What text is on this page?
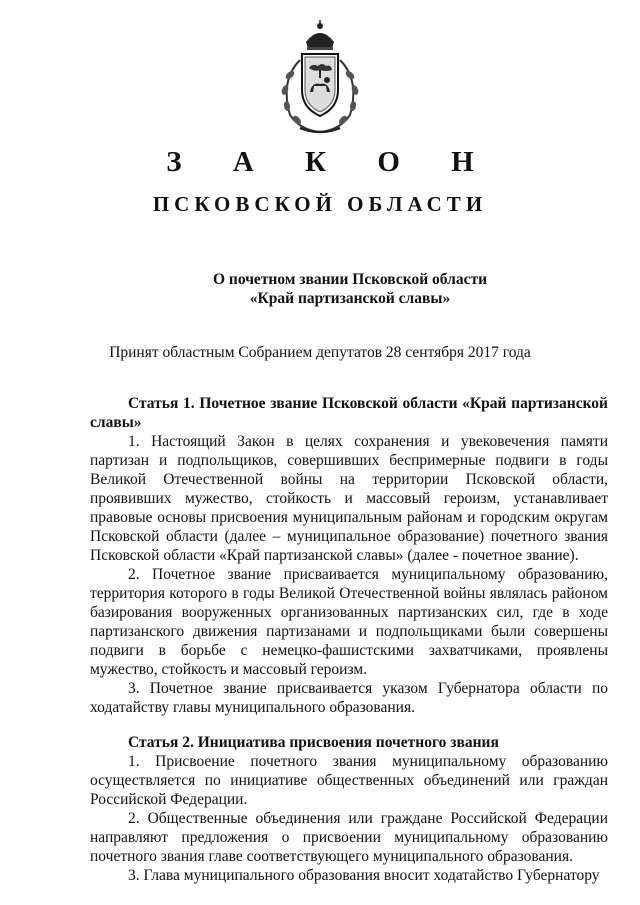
З А К О Н
ПСКОВСКОЙ ОБЛАСТИ
О почетном звании Псковской области
«Край партизанской славы»
Принят областным Собранием депутатов 28 сентября 2017 года

Статья 1. Почетное звание Псковской области «Край партизанской славы»

1. Настоящий Закон в целях сохранения и увековечения памяти партизан и подпольщиков, совершивших беспримерные подвиги в годы Великой Отечественной войны на территории Псковской области, проявивших мужество, стойкость и массовый героизм, устанавливает правовые основы присвоения муниципальным районам и городским округам Псковской области (далее – муниципальное образование) почетного звания Псковской области «Край партизанской славы» (далее - почетное звание).

2. Почетное звание присваивается муниципальному образованию, территория которого в годы Великой Отечественной войны являлась районом базирования вооруженных организованных партизанских сил, где в ходе партизанского движения партизанами и подпольщиками были совершены подвиги в борьбе с немецко-фашистскими захватчиками, проявлены мужество, стойкость и массовый героизм.

3. Почетное звание присваивается указом Губернатора области по ходатайству главы муниципального образования.

Статья 2. Инициатива присвоения почетного звания

1. Присвоение почетного звания муниципальному образованию осуществляется по инициативе общественных объединений или граждан Российской Федерации.

2. Общественные объединения или граждане Российской Федерации направляют предложения о присвоении муниципальному образованию почетного звания главе соответствующего муниципального образования.

3. Глава муниципального образования вносит ходатайство Губернатору
